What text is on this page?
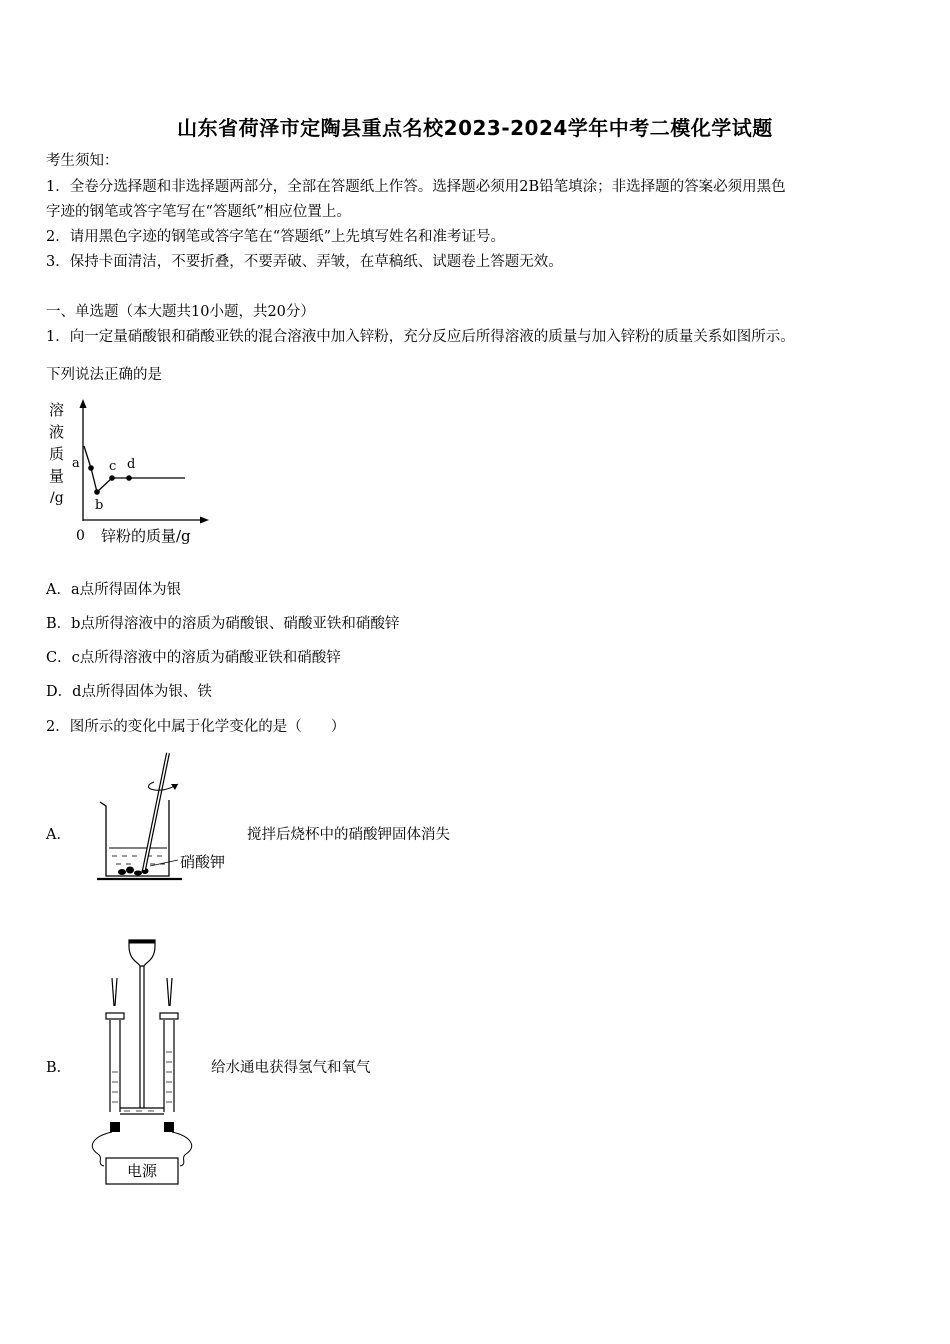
山东省荷泽市定陶县重点名校2023-2024学年中考二模化学试题
考生须知：
1．全卷分选择题和非选择题两部分，全部在答题纸上作答。选择题必须用2B铅笔填涂；非选择题的答案必须用黑色
字迹的钢笔或答字笔写在“答题纸”相应位置上。
2．请用黑色字迹的钢笔或答字笔在“答题纸”上先填写姓名和准考证号。
3．保持卡面清洁，不要折叠，不要弄破、弄皱，在草稿纸、试题卷上答题无效。
一、单选题（本大题共10小题，共20分）
1．向一定量硝酸银和硝酸亚铁的混合溶液中加入锌粉，充分反应后所得溶液的质量与加入锌粉的质量关系如图所示。
下列说法正确的是
a
b
c d
溶
液
质
量
/g
0 锌粉的质量/g
A．a点所得固体为银
B．b点所得溶液中的溶质为硝酸银、硝酸亚铁和硝酸锌
C．c点所得溶液中的溶质为硝酸亚铁和硝酸锌
D．d点所得固体为银、铁
2．图所示的变化中属于化学变化的是（　　）
A．
硝酸钾
搅拌后烧杯中的硝酸钾固体消失
B．
电源
给水通电获得氢气和氧气
